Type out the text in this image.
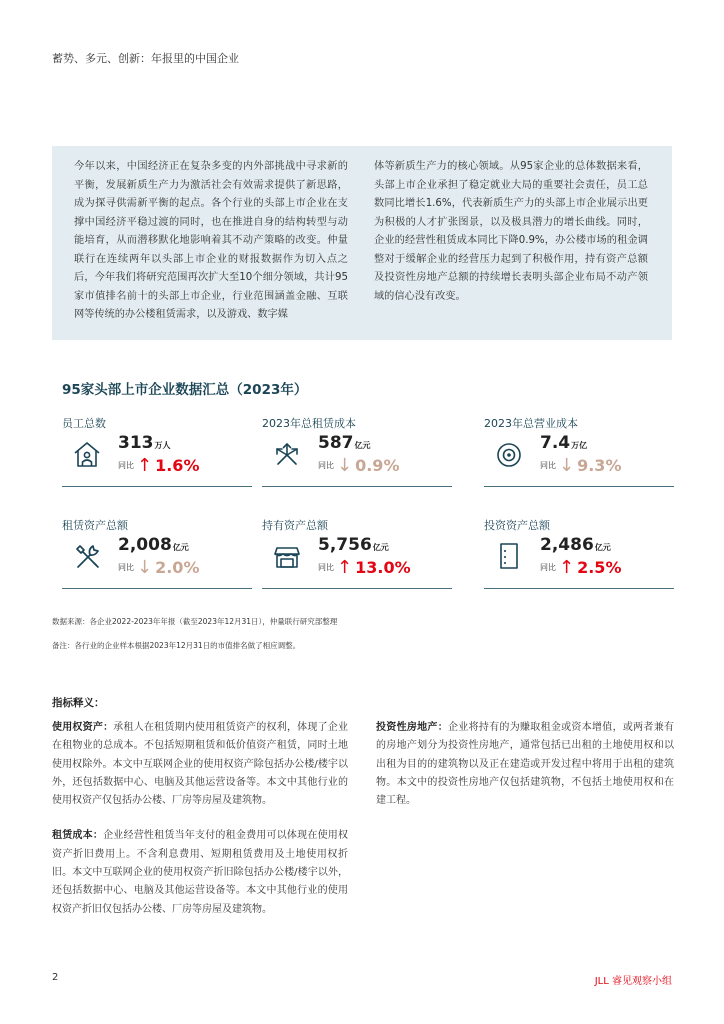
蓄势、多元、创新：年报里的中国企业
今年以来，中国经济正在复杂多变的内外部挑战中寻求新的平衡，发展新质生产力为激活社会有效需求提供了新思路，成为探寻供需新平衡的起点。各个行业的头部上市企业在支撑中国经济平稳过渡的同时，也在推进自身的结构转型与动能培育，从而潜移默化地影响着其不动产策略的改变。仲量联行在连续两年以头部上市企业的财报数据作为切入点之后，今年我们将研究范围再次扩大至10个细分领域，共计95家市值排名前十的头部上市企业，行业范围涵盖金融、互联网等传统的办公楼租赁需求，以及游戏、数字媒
体等新质生产力的核心领域。从95家企业的总体数据来看，头部上市企业承担了稳定就业大局的重要社会责任，员工总数同比增长1.6%，代表新质生产力的头部上市企业展示出更为积极的人才扩张图景，以及极具潜力的增长曲线。同时，企业的经营性租赁成本同比下降0.9%，办公楼市场的租金调整对于缓解企业的经营压力起到了积极作用，持有资产总额及投资性房地产总额的持续增长表明头部企业布局不动产领域的信心没有改变。
95家头部上市企业数据汇总（2023年）
员工总数
313万人
同比 ↑ 1.6%
2023年总租赁成本
587亿元
同比 ↓ 0.9%
2023年总营业成本
7.4万亿
同比 ↓ 9.3%
租赁资产总额
2,008亿元
同比 ↓ 2.0%
持有资产总额
5,756亿元
同比 ↑ 13.0%
投资资产总额
2,486亿元
同比 ↑ 2.5%
数据来源：各企业2022-2023年年报（截至2023年12月31日），仲量联行研究部整理
备注：各行业的企业样本根据2023年12月31日的市值排名做了相应调整。
指标释义：

使用权资产：承租人在租赁期内使用租赁资产的权利，体现了企业在租物业的总成本。不包括短期租赁和低价值资产租赁，同时土地使用权除外。本文中互联网企业的使用权资产除包括办公楼/楼宇以外，还包括数据中心、电脑及其他运营设备等。本文中其他行业的使用权资产仅包括办公楼、厂房等房屋及建筑物。

租赁成本：企业经营性租赁当年支付的租金费用可以体现在使用权资产折旧费用上。不含利息费用、短期租赁费用及土地使用权折旧。本文中互联网企业的使用权资产折旧除包括办公楼/楼宇以外，还包括数据中心、电脑及其他运营设备等。本文中其他行业的使用权资产折旧仅包括办公楼、厂房等房屋及建筑物。

投资性房地产：企业将持有的为赚取租金或资本增值，或两者兼有的房地产划分为投资性房地产，通常包括已出租的土地使用权和以出租为目的的建筑物以及正在建造或开发过程中将用于出租的建筑物。本文中的投资性房地产仅包括建筑物，不包括土地使用权和在建工程。

2	JLL 睿见观察小组
